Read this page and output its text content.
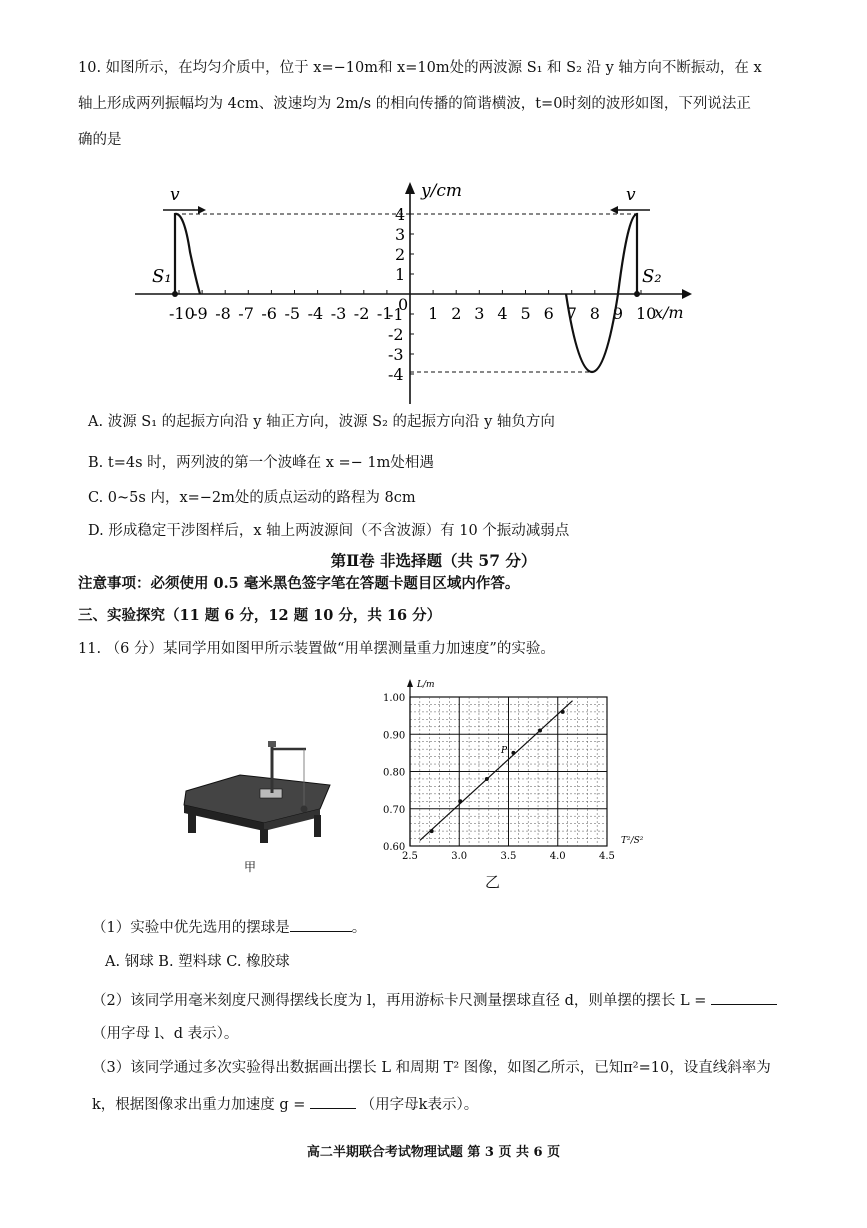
10. 如图所示，在均匀介质中，位于 x=−10m和 x=10m处的两波源 S₁ 和 S₂ 沿 y 轴方向不断振动，在 x
轴上形成两列振幅均为 4cm、波速均为 2m/s 的相向传播的简谐横波，t=0时刻的波形如图，下列说法正
确的是
y/cm
x/m
0
-10
-9 -8 -7 -6 -5 -4 -3 -2 -1 1 2 3 4 5 6 7 8 9 10
4
3
2
1
-1
-2
-3
-4
S₁	S₂
v	v
A. 波源 S₁ 的起振方向沿 y 轴正方向，波源 S₂ 的起振方向沿 y 轴负方向
B. t=4s 时，两列波的第一个波峰在 x =− 1m处相遇
C. 0~5s 内，x=−2m处的质点运动的路程为 8cm
D. 形成稳定干涉图样后，x 轴上两波源间（不含波源）有 10 个振动减弱点
第Ⅱ卷 非选择题（共 57 分）
注意事项：必须使用 0.5 毫米黑色签字笔在答题卡题目区域内作答。
三、实验探究（11 题 6 分，12 题 10 分，共 16 分）
11. （6 分）某同学用如图甲所示装置做“用单摆测量重力加速度”的实验。
甲
2.5	3.0	3.5	4.0	4.5
0.60
0.70
0.80
0.90
1.00
L/m
T²/S²
P
乙
（1）实验中优先选用的摆球是	。
A. 钢球 B. 塑料球 C. 橡胶球
（2）该同学用毫米刻度尺测得摆线长度为 l，再用游标卡尺测量摆球直径 d，则单摆的摆长 L =
（用字母 l、d 表示）。
（3）该同学通过多次实验得出数据画出摆长 L 和周期 T² 图像，如图乙所示，已知π²=10，设直线斜率为
k，根据图像求出重力加速度 g =	（用字母k表示）。
高二半期联合考试物理试题 第 3 页 共 6 页
